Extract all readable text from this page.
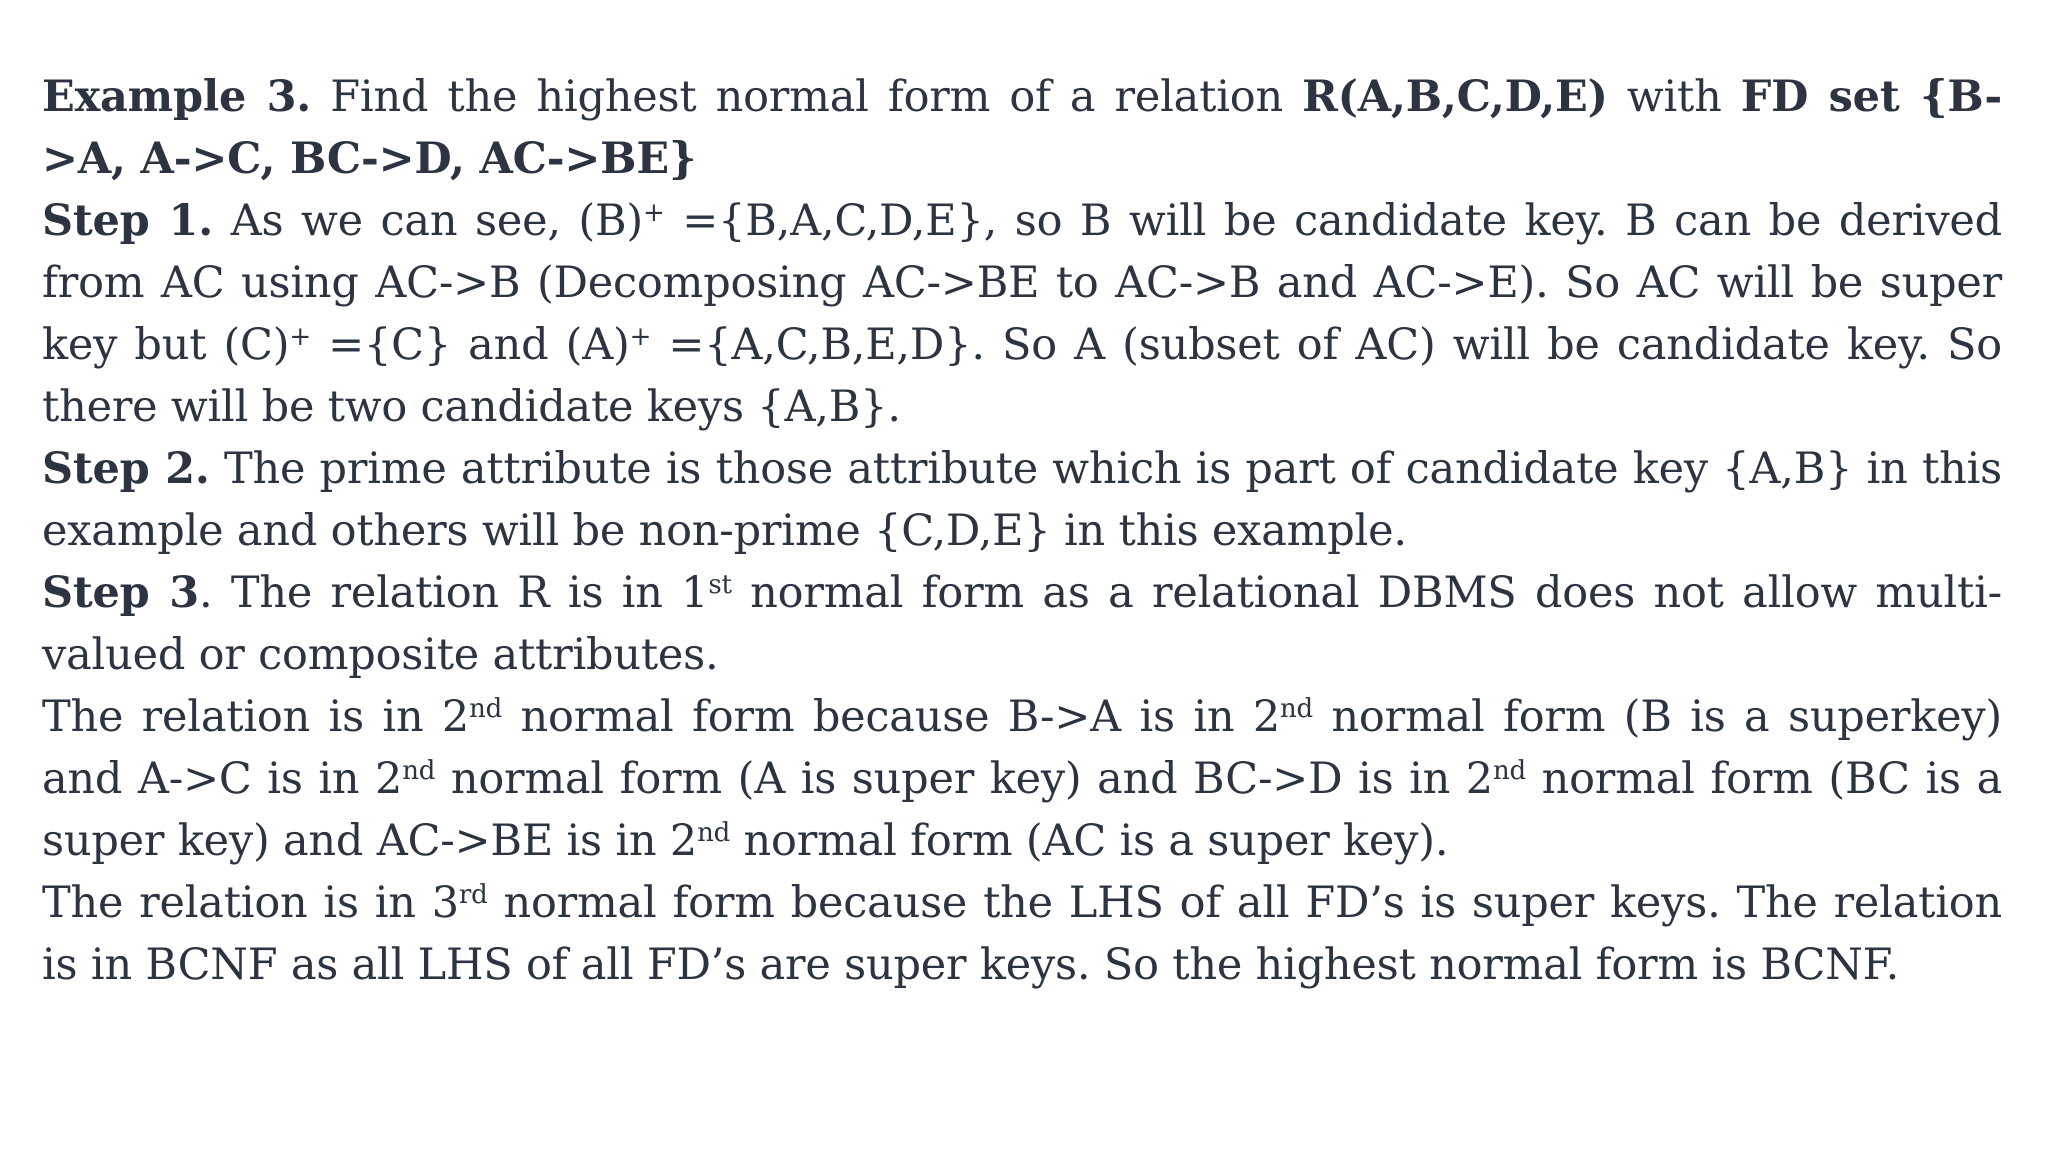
Example 3. Find the highest normal form of a relation R(A,B,C,D,E) with FD set {B->A, A->C, BC->D, AC->BE}

Step 1. As we can see, (B)+ ={B,A,C,D,E}, so B will be candidate key. B can be derived from AC using AC->B (Decomposing AC->BE to AC->B and AC->E). So AC will be super key but (C)+ ={C} and (A)+ ={A,C,B,E,D}. So A (subset of AC) will be candidate key. So there will be two candidate keys {A,B}.

Step 2. The prime attribute is those attribute which is part of candidate key {A,B} in this example and others will be non-prime {C,D,E} in this example.

Step 3. The relation R is in 1st normal form as a relational DBMS does not allow multi-valued or composite attributes.

The relation is in 2nd normal form because B->A is in 2nd normal form (B is a superkey) and A->C is in 2nd normal form (A is super key) and BC->D is in 2nd normal form (BC is a super key) and AC->BE is in 2nd normal form (AC is a super key).

The relation is in 3rd normal form because the LHS of all FD’s is super keys. The relation is in BCNF as all LHS of all FD’s are super keys. So the highest normal form is BCNF.
